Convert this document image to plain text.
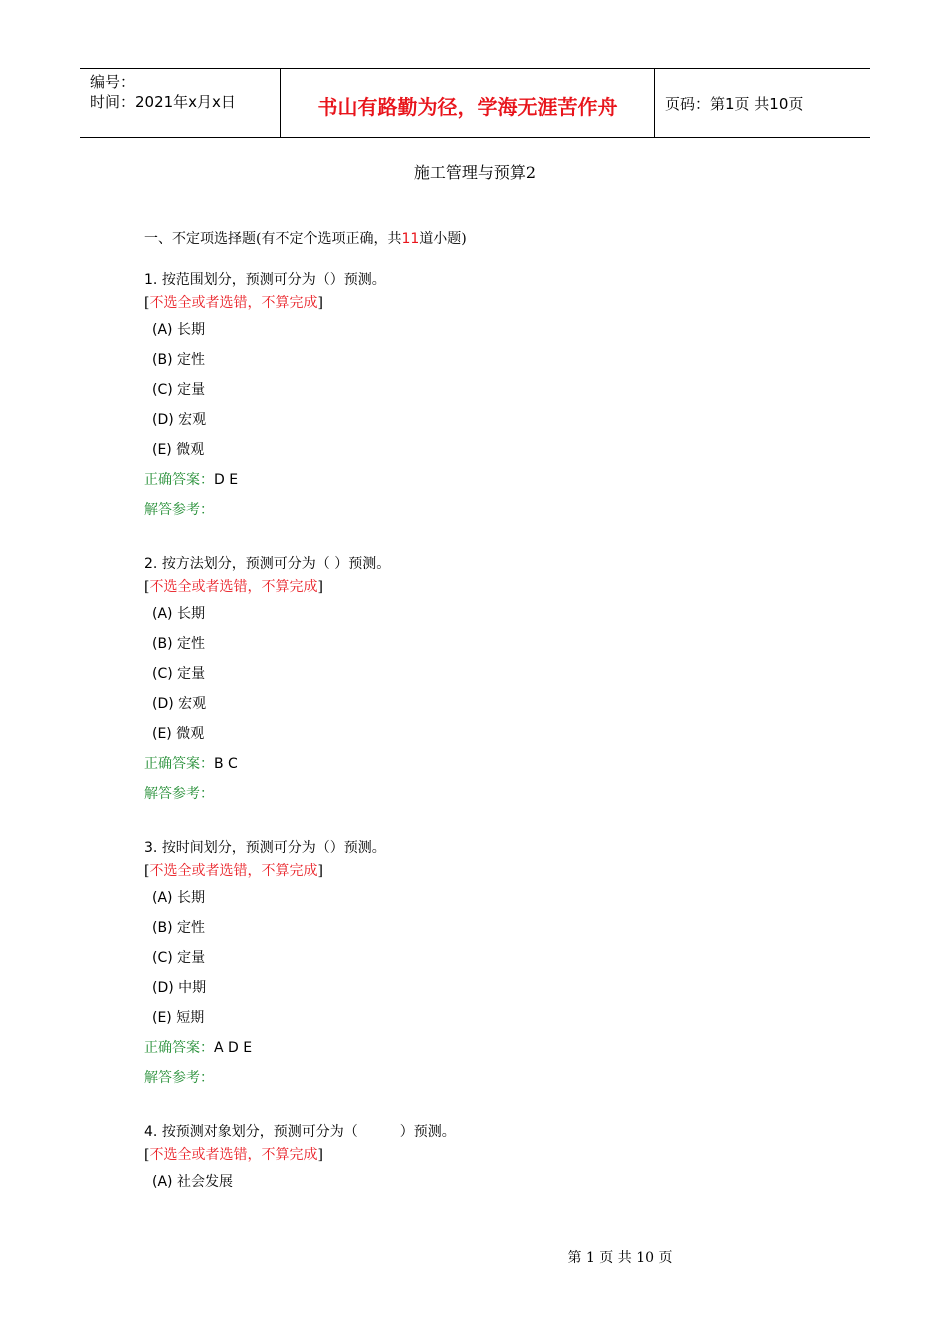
编号：
时间：2021年x月x日	书山有路勤为径，学海无涯苦作舟	页码：第1页 共10页
施工管理与预算2
一、不定项选择题(有不定个选项正确，共11道小题)
1. 按范围划分，预测可分为（）预测。
[不选全或者选错，不算完成]
(A) 长期
(B) 定性
(C) 定量
(D) 宏观
(E) 微观
正确答案：D E
解答参考：
2. 按方法划分，预测可分为（ ）预测。
[不选全或者选错，不算完成]
(A) 长期
(B) 定性
(C) 定量
(D) 宏观
(E) 微观
正确答案：B C
解答参考：
3. 按时间划分，预测可分为（）预测。
[不选全或者选错，不算完成]
(A) 长期
(B) 定性
(C) 定量
(D) 中期
(E) 短期
正确答案：A D E
解答参考：
4. 按预测对象划分，预测可分为（　　　）预测。
[不选全或者选错，不算完成]
(A) 社会发展
第 1 页 共 10 页
